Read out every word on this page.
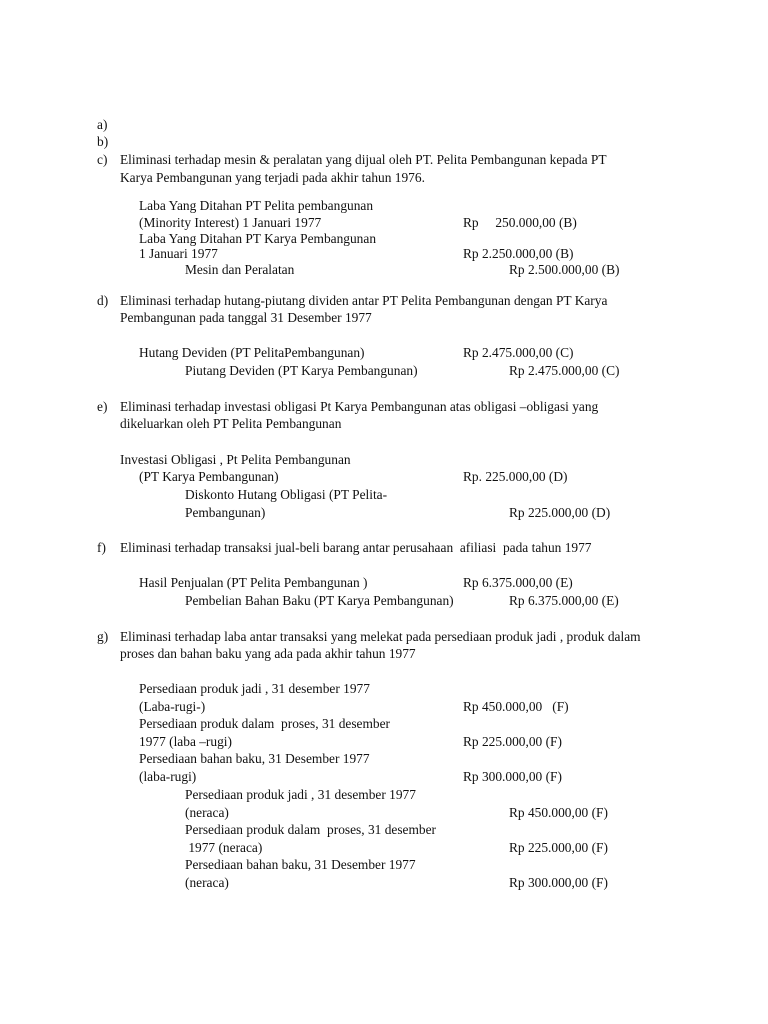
a)
b)
c) Eliminasi terhadap mesin & peralatan yang dijual oleh PT. Pelita Pembangunan kepada PT
Karya Pembangunan yang terjadi pada akhir tahun 1976.
Laba Yang Ditahan PT Pelita pembangunan
(Minority Interest) 1 Januari 1977	Rp     250.000,00 (B)
Laba Yang Ditahan PT Karya Pembangunan
1 Januari 1977	Rp 2.250.000,00 (B)
Mesin dan Peralatan	Rp 2.500.000,00 (B)
d) Eliminasi terhadap hutang-piutang dividen antar PT Pelita Pembangunan dengan PT Karya
Pembangunan pada tanggal 31 Desember 1977
Hutang Deviden (PT PelitaPembangunan)	Rp 2.475.000,00 (C)
Piutang Deviden (PT Karya Pembangunan)	Rp 2.475.000,00 (C)
e) Eliminasi terhadap investasi obligasi Pt Karya Pembangunan atas obligasi –obligasi yang
dikeluarkan oleh PT Pelita Pembangunan
Investasi Obligasi , Pt Pelita Pembangunan
(PT Karya Pembangunan)	Rp. 225.000,00 (D)
Diskonto Hutang Obligasi (PT Pelita-
Pembangunan)	Rp 225.000,00 (D)
f) Eliminasi terhadap transaksi jual-beli barang antar perusahaan  afiliasi  pada tahun 1977
Hasil Penjualan (PT Pelita Pembangunan )	Rp 6.375.000,00 (E)
Pembelian Bahan Baku (PT Karya Pembangunan)	Rp 6.375.000,00 (E)
g) Eliminasi terhadap laba antar transaksi yang melekat pada persediaan produk jadi , produk dalam
proses dan bahan baku yang ada pada akhir tahun 1977
Persediaan produk jadi , 31 desember 1977
(Laba-rugi-)	Rp 450.000,00   (F)
Persediaan produk dalam  proses, 31 desember
1977 (laba –rugi)	Rp 225.000,00 (F)
Persediaan bahan baku, 31 Desember 1977
(laba-rugi)	Rp 300.000,00 (F)
Persediaan produk jadi , 31 desember 1977
(neraca)	Rp 450.000,00 (F)
Persediaan produk dalam  proses, 31 desember
1977 (neraca)	Rp 225.000,00 (F)
Persediaan bahan baku, 31 Desember 1977
(neraca)	Rp 300.000,00 (F)
